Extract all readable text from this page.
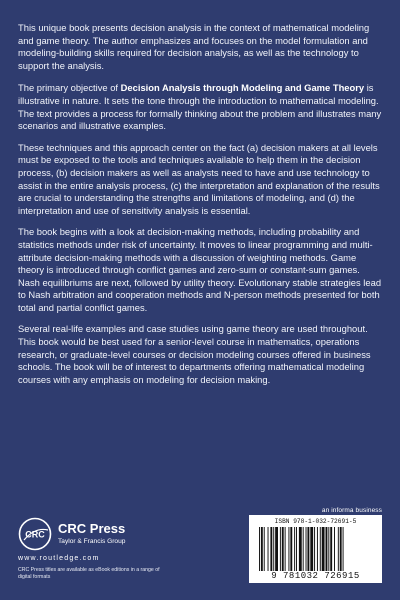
This unique book presents decision analysis in the context of mathematical modeling and game theory. The author emphasizes and focuses on the model formulation and modeling-building skills required for decision analysis, as well as the technology to support the analysis.

The primary objective of Decision Analysis through Modeling and Game Theory is illustrative in nature. It sets the tone through the introduction to mathematical modeling. The text provides a process for formally thinking about the problem and illustrates many scenarios and illustrative examples.

These techniques and this approach center on the fact (a) decision makers at all levels must be exposed to the tools and techniques available to help them in the decision process, (b) decision makers as well as analysts need to have and use technology to assist in the entire analysis process, (c) the interpretation and explanation of the results are crucial to understanding the strengths and limitations of modeling, and (d) the interpretation and use of sensitivity analysis is essential.

The book begins with a look at decision-making methods, including probability and statistics methods under risk of uncertainty. It moves to linear programming and multi-attribute decision-making methods with a discussion of weighting methods. Game theory is introduced through conflict games and zero-sum or constant-sum games. Nash equilibriums are next, followed by utility theory. Evolutionary stable strategies lead to Nash arbitration and cooperation methods and N-person methods presented for both total and partial conflict games.

Several real-life examples and case studies using game theory are used throughout. This book would be best used for a senior-level course in mathematics, operations research, or graduate-level courses or decision modeling courses offered in business schools. The book will be of interest to departments offering mathematical modeling courses with any emphasis on modeling for decision making.

an informa business
CRC CRC Press
Taylor & Francis Group
www.routledge.com
CRC Press titles are available as eBook editions in a range of digital formats
ISBN 978-1-032-72691-5
9 781032 726915
